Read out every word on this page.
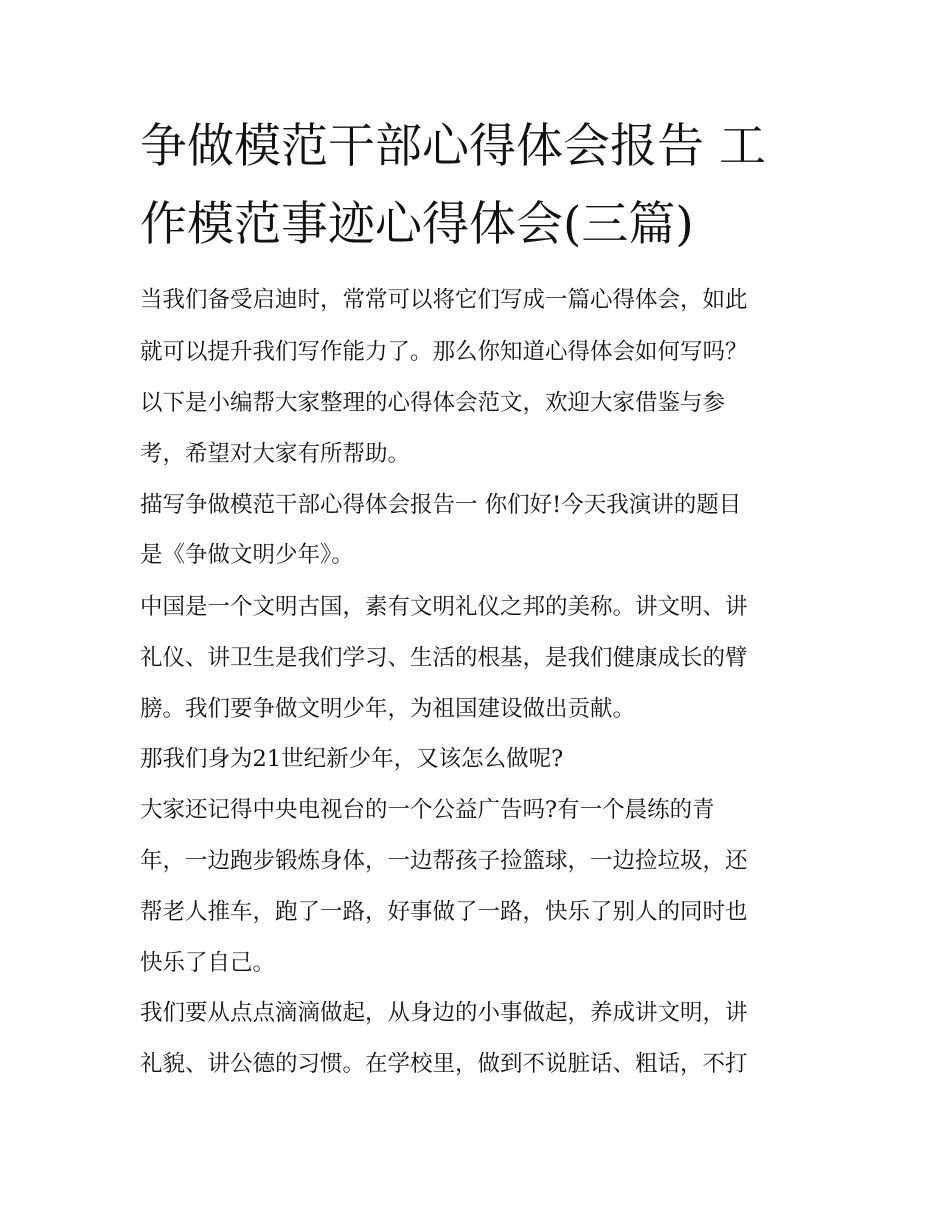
争做模范干部心得体会报告 工
作模范事迹心得体会(三篇)
当我们备受启迪时，常常可以将它们写成一篇心得体会，如此
就可以提升我们写作能力了。那么你知道心得体会如何写吗？
以下是小编帮大家整理的心得体会范文，欢迎大家借鉴与参
考，希望对大家有所帮助。
描写争做模范干部心得体会报告一 你们好!今天我演讲的题目
是《争做文明少年》。
中国是一个文明古国，素有文明礼仪之邦的美称。讲文明、讲
礼仪、讲卫生是我们学习、生活的根基，是我们健康成长的臂
膀。我们要争做文明少年，为祖国建设做出贡献。
那我们身为21世纪新少年，又该怎么做呢?
大家还记得中央电视台的一个公益广告吗?有一个晨练的青
年，一边跑步锻炼身体，一边帮孩子捡篮球，一边捡垃圾，还
帮老人推车，跑了一路，好事做了一路，快乐了别人的同时也
快乐了自己。
我们要从点点滴滴做起，从身边的小事做起，养成讲文明，讲
礼貌、讲公德的习惯。在学校里，做到不说脏话、粗话，不打
